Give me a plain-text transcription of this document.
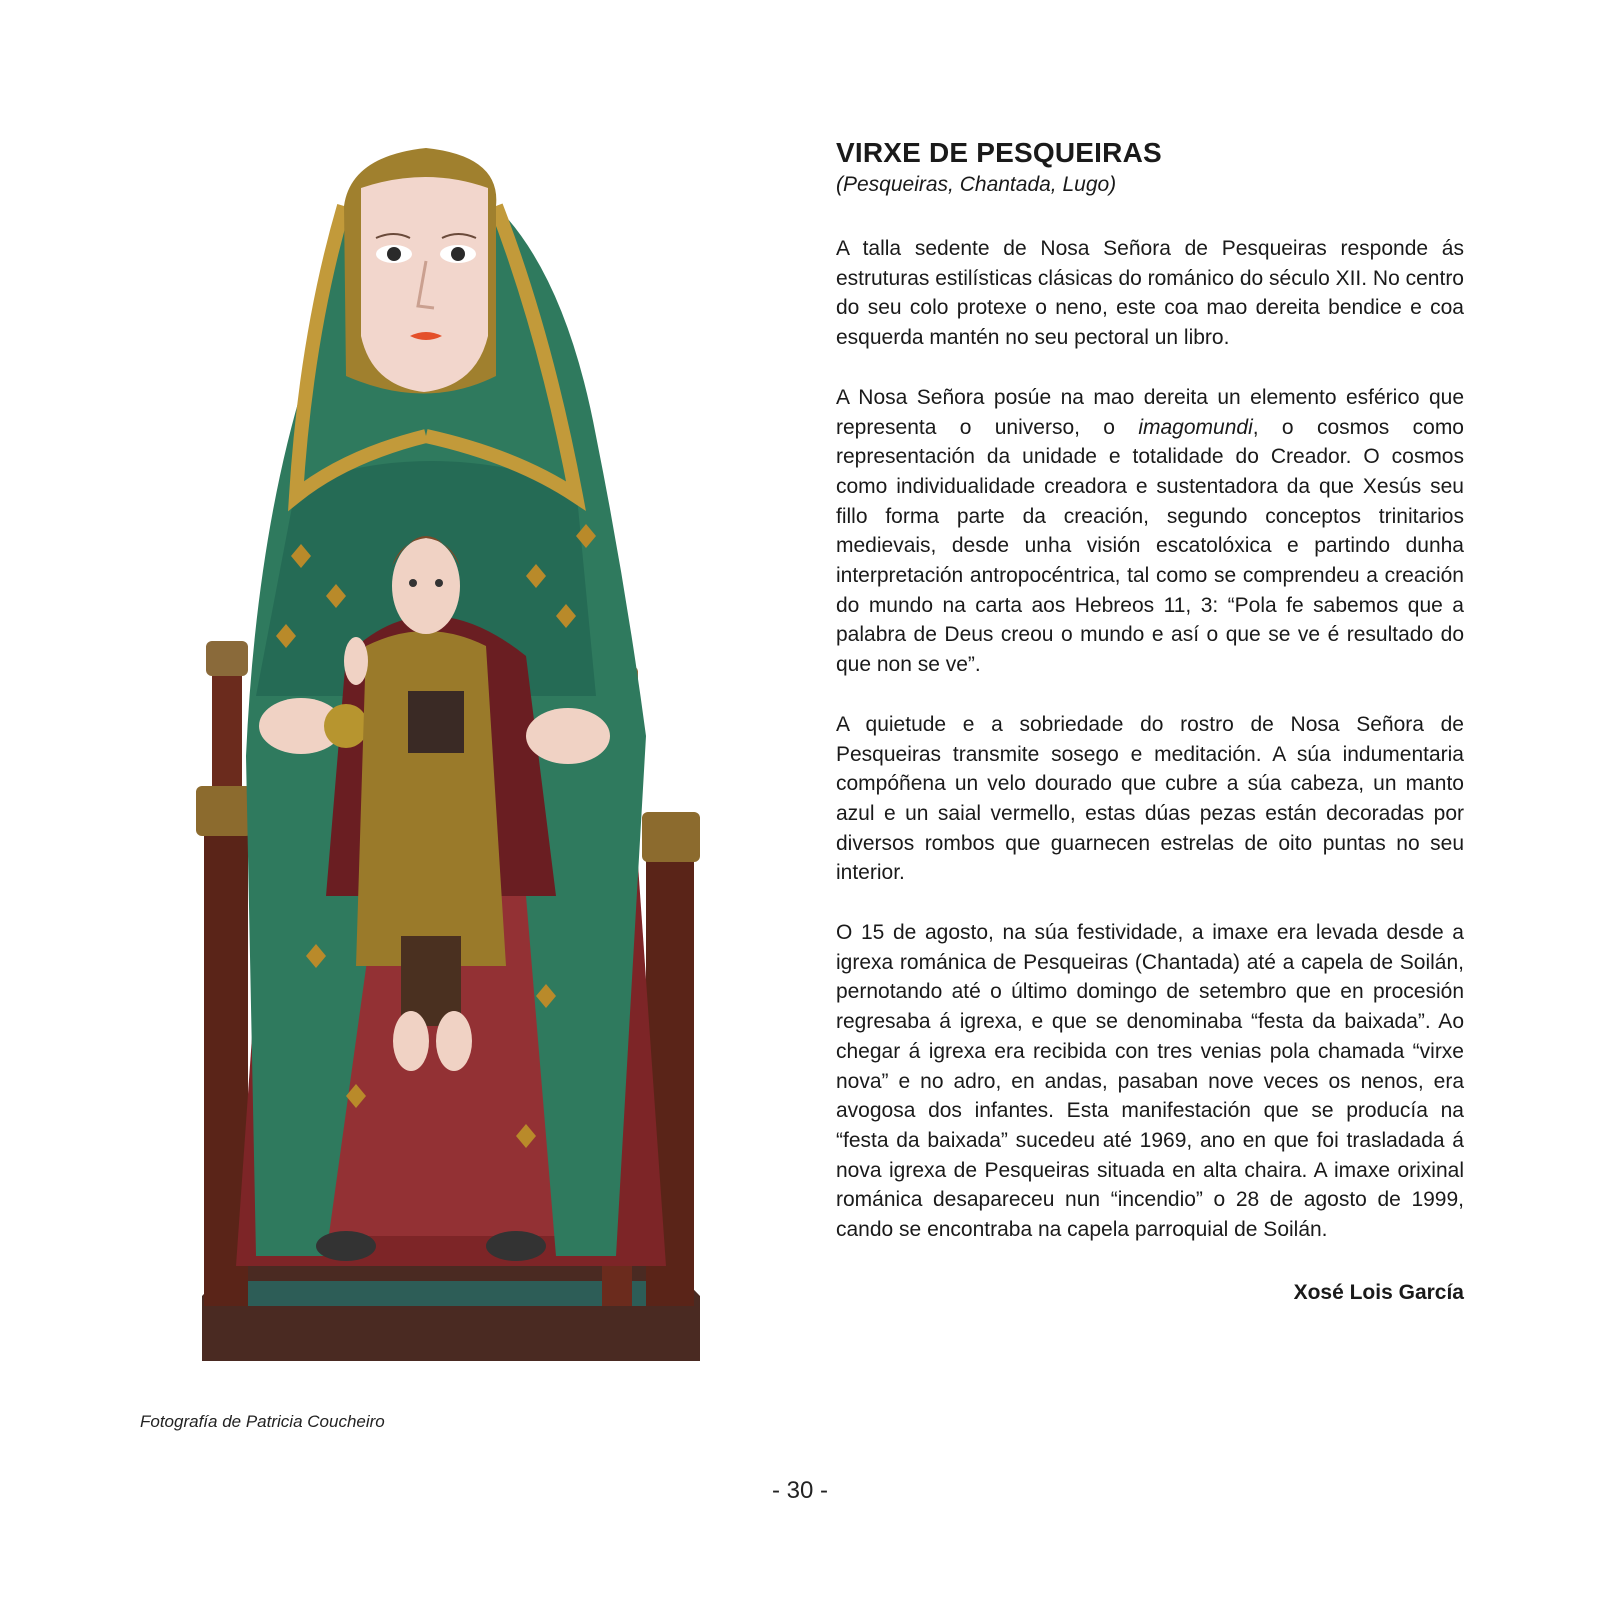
Fotografía de Patricia Coucheiro
VIRXE DE PESQUEIRAS

(Pesqueiras, Chantada, Lugo)

A talla sedente de Nosa Señora de Pesqueiras responde ás estruturas estilísticas clásicas do románico do século XII. No centro do seu colo protexe o neno, este coa mao dereita bendice e coa esquerda mantén no seu pectoral un libro.

A Nosa Señora posúe na mao dereita un elemento esférico que representa o universo, o imagomundi, o cosmos como representación da unidade e totalidade do Creador. O cosmos como individualidade creadora e sustentadora da que Xesús seu fillo forma parte da creación, segundo conceptos trinitarios medievais, desde unha visión escatolóxica e partindo dunha interpretación antropocéntrica, tal como se comprendeu a creación do mundo na carta aos Hebreos 11, 3: “Pola fe sabemos que a palabra de Deus creou o mundo e así o que se ve é resultado do que non se ve”.

A quietude e a sobriedade do rostro de Nosa Señora de Pesqueiras transmite sosego e meditación. A súa indumentaria compóñena un velo dourado que cubre a súa cabeza, un manto azul e un saial vermello, estas dúas pezas están decoradas por diversos rombos que guarnecen estrelas de oito puntas no seu interior.

O 15 de agosto, na súa festividade, a imaxe era levada desde a igrexa románica de Pesqueiras (Chantada) até a capela de Soilán, pernotando até o último domingo de setembro que en procesión regresaba á igrexa, e que se denominaba “festa da baixada”. Ao chegar á igrexa era recibida con tres venias pola chamada “virxe nova” e no adro, en andas, pasaban nove veces os nenos, era avogosa dos infantes. Esta manifestación que se producía na “festa da baixada” sucedeu até 1969, ano en que foi trasladada á nova igrexa de Pesqueiras situada en alta chaira. A imaxe orixinal románica desapareceu nun “incendio” o 28 de agosto de 1999, cando se encontraba na capela parroquial de Soilán.

Xosé Lois García
- 30 -
